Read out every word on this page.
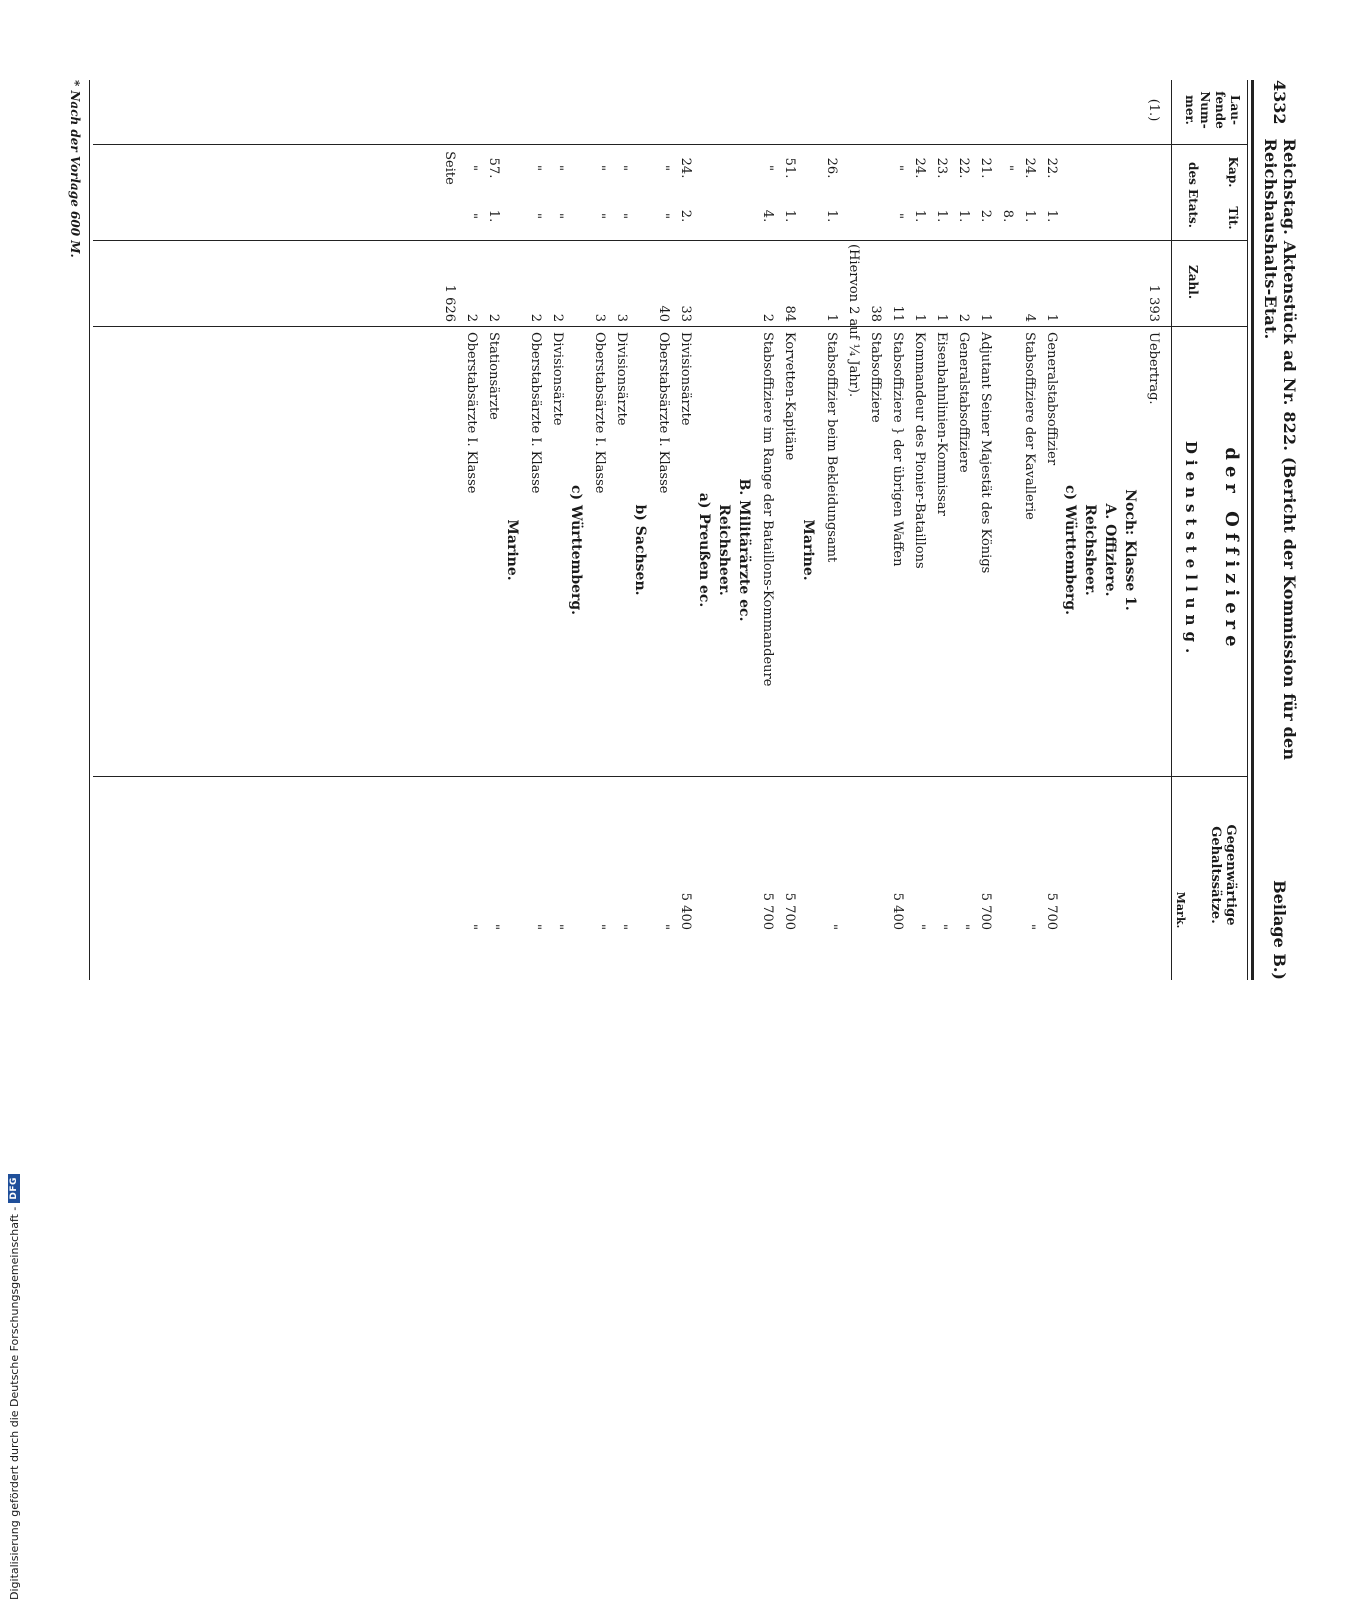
4332
Reichstag. Aktenstück ad Nr. 822. (Bericht der Kommission für den Reichshaushalts-Etat.
Beilage B.)
Lau- fende Num- mer.
Kap.
Tit.
des Etats.
Zahl.
der Offiziere
Dienststellung.
Gegenwärtige Gehaltssätze.
Mark.
(1.)
1 393
Uebertrag.
Noch: Klasse 1.
A. Offiziere.
Reichsheer.
c) Württemberg.
22.
1.
1
Generalstabsoffizier
5 700
24.
1.
4
Stabsoffiziere der Kavallerie
"
"
8.
21.
2.
1
Adjutant Seiner Majestät des Königs
5 700
22.
1.
2
Generalstabsoffiziere
"
23.
1.
1
Eisenbahnlinien-Kommissar
"
24.
1.
1
Kommandeur des Pionier-Bataillons
"
"
"
11
Stabsoffiziere } der übrigen Waffen
5 400
38
Stabsoffiziere
(Hiervon 2 auf ¼ Jahr).
26.
1.
1
Stabsoffizier beim Bekleidungsamt
"
Marine.
51.
1.
84
Korvetten-Kapitäne
5 700
"
4.
2
Stabsoffiziere im Range der Bataillons-Kommandeure
5 700
B. Militärärzte ec.
Reichsheer.
a) Preußen ec.
24.
2.
33
Divisionsärzte
5 400
"
"
40
Oberstabsärzte I. Klasse
"
b) Sachsen.
"
"
3
Divisionsärzte
"
"
"
3
Oberstabsärzte I. Klasse
"
c) Württemberg.
"
"
2
Divisionsärzte
"
"
"
2
Oberstabsärzte I. Klasse
"
Marine.
57.
1.
2
Stationsärzte
"
"
"
2
Oberstabsärzte I. Klasse
"
Seite
1 626
* Nach der Vorlage 600 M.
Digitalisierung gefördert durch die Deutsche Forschungsgemeinschaft -
DFG
